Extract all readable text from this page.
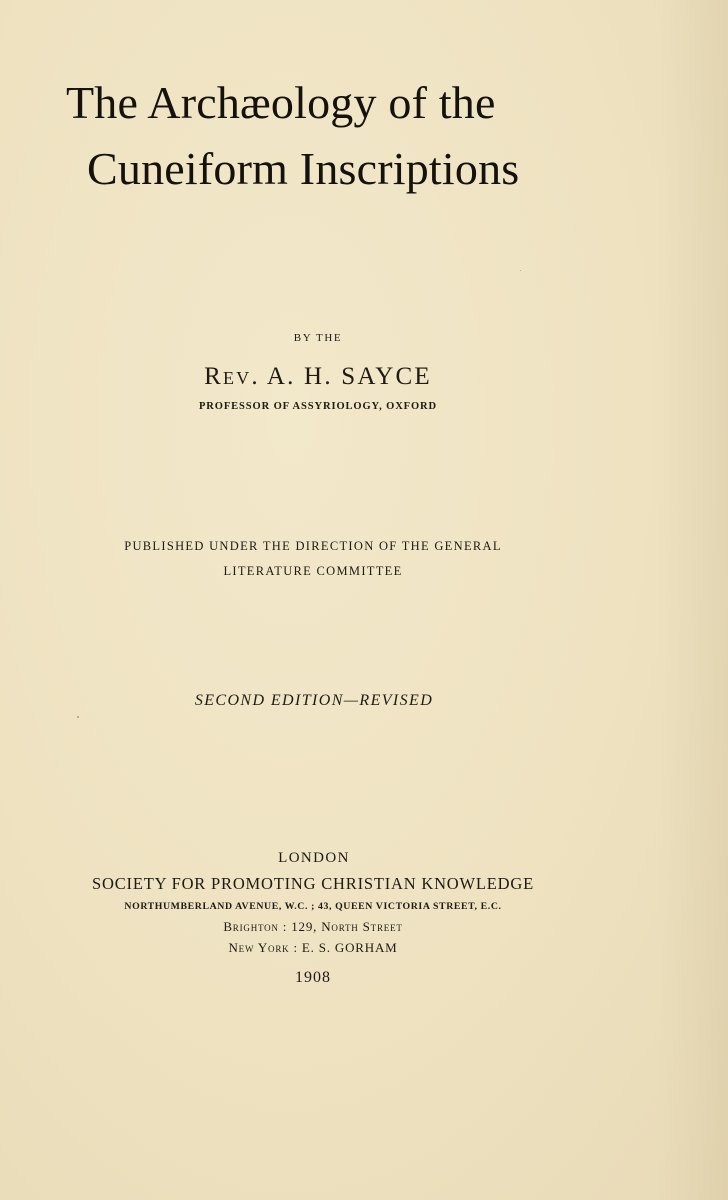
The Archæology of the
Cuneiform Inscriptions

BY THE

Rev. A. H. SAYCE

PROFESSOR OF ASSYRIOLOGY, OXFORD

PUBLISHED UNDER THE DIRECTION OF THE GENERAL

LITERATURE COMMITTEE

SECOND EDITION—REVISED

LONDON

SOCIETY FOR PROMOTING CHRISTIAN KNOWLEDGE

NORTHUMBERLAND AVENUE, W.C. ; 43, QUEEN VICTORIA STREET, E.C.

Brighton : 129, North Street

New York : E. S. GORHAM

1908
